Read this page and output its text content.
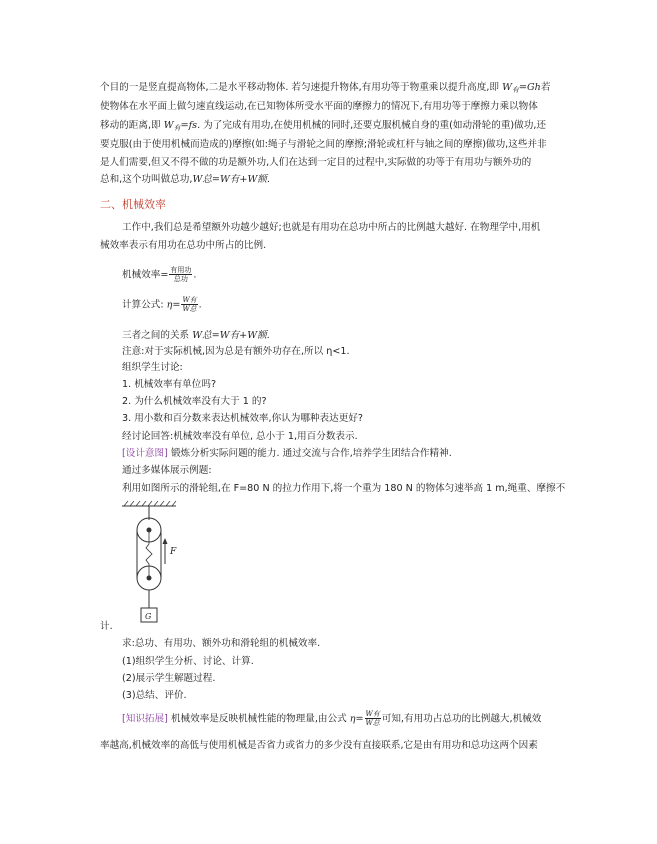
个目的一是竖直提高物体,二是水平移动物体. 若匀速提升物体,有用功等于物重乘以提升高度,即 $W_有=Gh$若
使物体在水平面上做匀速直线运动,在已知物体所受水平面的摩擦力的情况下,有用功等于摩擦力乘以物体
移动的距离,即 $W_有=fs$. 为了完成有用功,在使用机械的同时,还要克服机械自身的重(如动滑轮的重)做功,还
要克服(由于使用机械而造成的)摩擦(如:绳子与滑轮之间的摩擦;滑轮或杠杆与轴之间的摩擦)做功,这些并非
是人们需要,但又不得不做的功是额外功,人们在达到一定目的过程中,实际做的功等于有用功与额外功的
总和,这个功叫做总功,W总=W有+W额.
二、机械效率
工作中,我们总是希望额外功越少越好;也就是有用功在总功中所占的比例越大越好. 在物理学中,用机
械效率表示有用功在总功中所占的比例.
机械效率= $\frac{\text{有用功}}{\text{总功}}$ .
计算公式: $\eta= \frac{\text{W有}}{\text{W总}}$ .
三者之间的关系 W总=W有+W额.
注意:对于实际机械,因为总是有额外功存在,所以 η<1.
组织学生讨论:
1. 机械效率有单位吗?
2. 为什么机械效率没有大于 1 的?
3. 用小数和百分数来表达机械效率,你认为哪种表达更好?
经讨论回答:机械效率没有单位, 总小于 1,用百分数表示.
[设计意图] 锻炼分析实际问题的能力. 通过交流与合作,培养学生团结合作精神.
通过多媒体展示例题:
利用如图所示的滑轮组,在 F=80 N 的拉力作用下,将一个重为 180 N 的物体匀速举高 1 m,绳重、摩擦不
F
G
计.
求:总功、有用功、额外功和滑轮组的机械效率.
(1)组织学生分析、讨论、计算.
(2)展示学生解题过程.
(3)总结、评价.
[知识拓展] 机械效率是反映机械性能的物理量,由公式 $\eta= \frac{\text{W有}}{\text{W总}}$ 可知,有用功占总功的比例越大,机械效
率越高,机械效率的高低与使用机械是否省力或省力的多少没有直接联系,它是由有用功和总功这两个因素
